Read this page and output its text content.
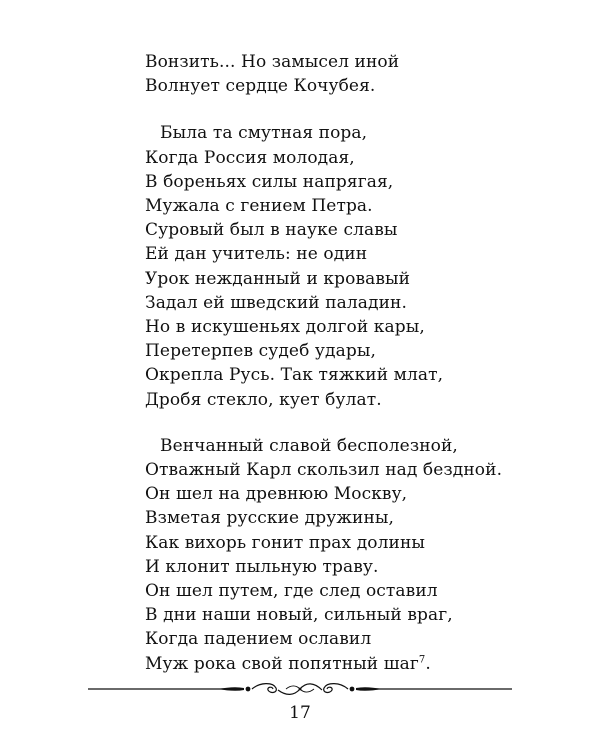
Вонзить... Но замысел иной
Волнует сердце Кочубея.
Была та смутная пора,
Когда Россия молодая,
В бореньях силы напрягая,
Мужала с гением Петра.
Суровый был в науке славы
Ей дан учитель: не один
Урок нежданный и кровавый
Задал ей шведский паладин.
Но в искушеньях долгой кары,
Перетерпев судеб удары,
Окрепла Русь. Так тяжкий млат,
Дробя стекло, кует булат.
Венчанный славой бесполезной,
Отважный Карл скользил над бездной.
Он шел на древнюю Москву,
Взметая русские дружины,
Как вихорь гонит прах долины
И клонит пыльную траву.
Он шел путем, где след оставил
В дни наши новый, сильный враг,
Когда падением ославил
Муж рока свой попятный шаг$^7$.
17
